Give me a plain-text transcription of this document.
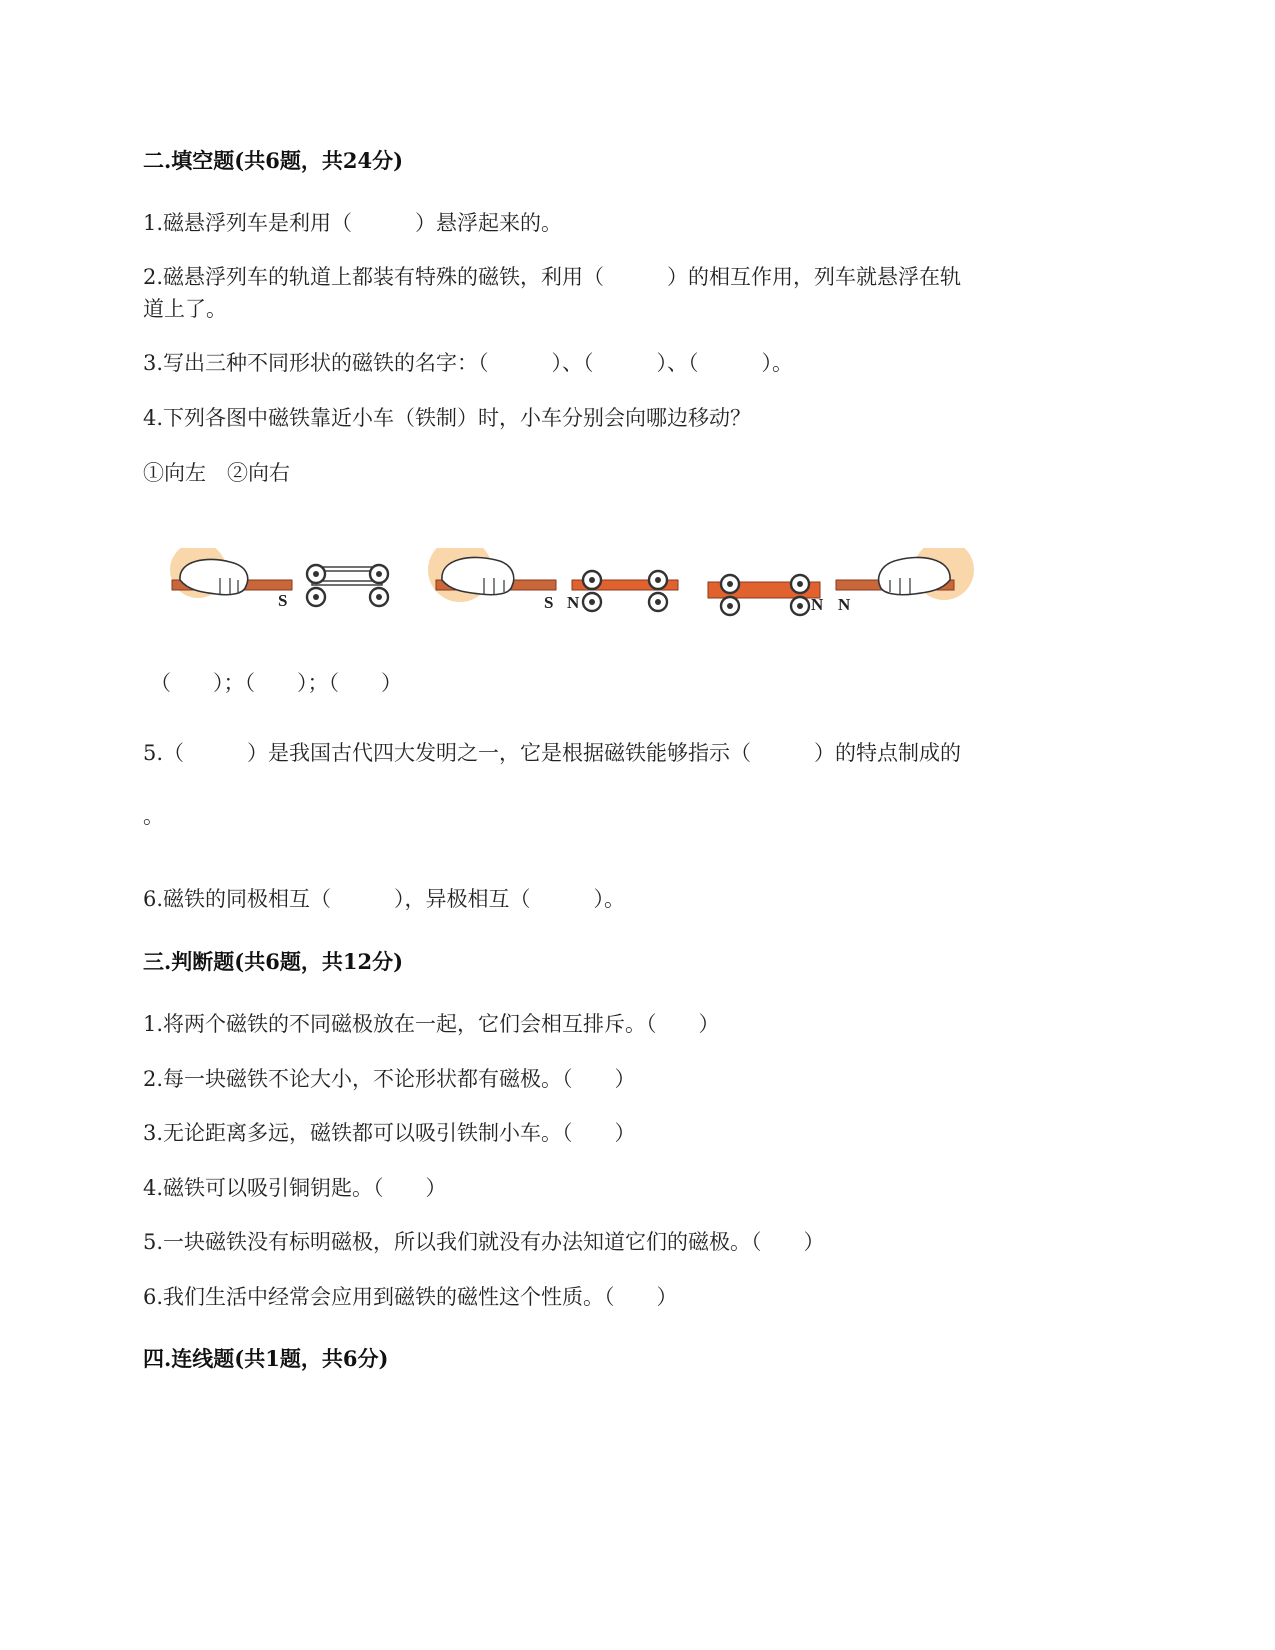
二.填空题(共6题，共24分)
1.磁悬浮列车是利用（　　　）悬浮起来的。
2.磁悬浮列车的轨道上都装有特殊的磁铁，利用（　　　）的相互作用，列车就悬浮在轨
道上了。
3.写出三种不同形状的磁铁的名字：（　　　）、（　　　）、（　　　）。
4.下列各图中磁铁靠近小车（铁制）时，小车分别会向哪边移动？
①向左　②向右
S	S N	N N
（　　）；（　　）；（　　）
5.（　　　）是我国古代四大发明之一，它是根据磁铁能够指示（　　　）的特点制成的
。
6.磁铁的同极相互（　　　），异极相互（　　　）。
三.判断题(共6题，共12分)
1.将两个磁铁的不同磁极放在一起，它们会相互排斥。（　　）
2.每一块磁铁不论大小，不论形状都有磁极。（　　）
3.无论距离多远，磁铁都可以吸引铁制小车。（　　）
4.磁铁可以吸引铜钥匙。（　　）
5.一块磁铁没有标明磁极，所以我们就没有办法知道它们的磁极。（　　）
6.我们生活中经常会应用到磁铁的磁性这个性质。（　　）
四.连线题(共1题，共6分)
